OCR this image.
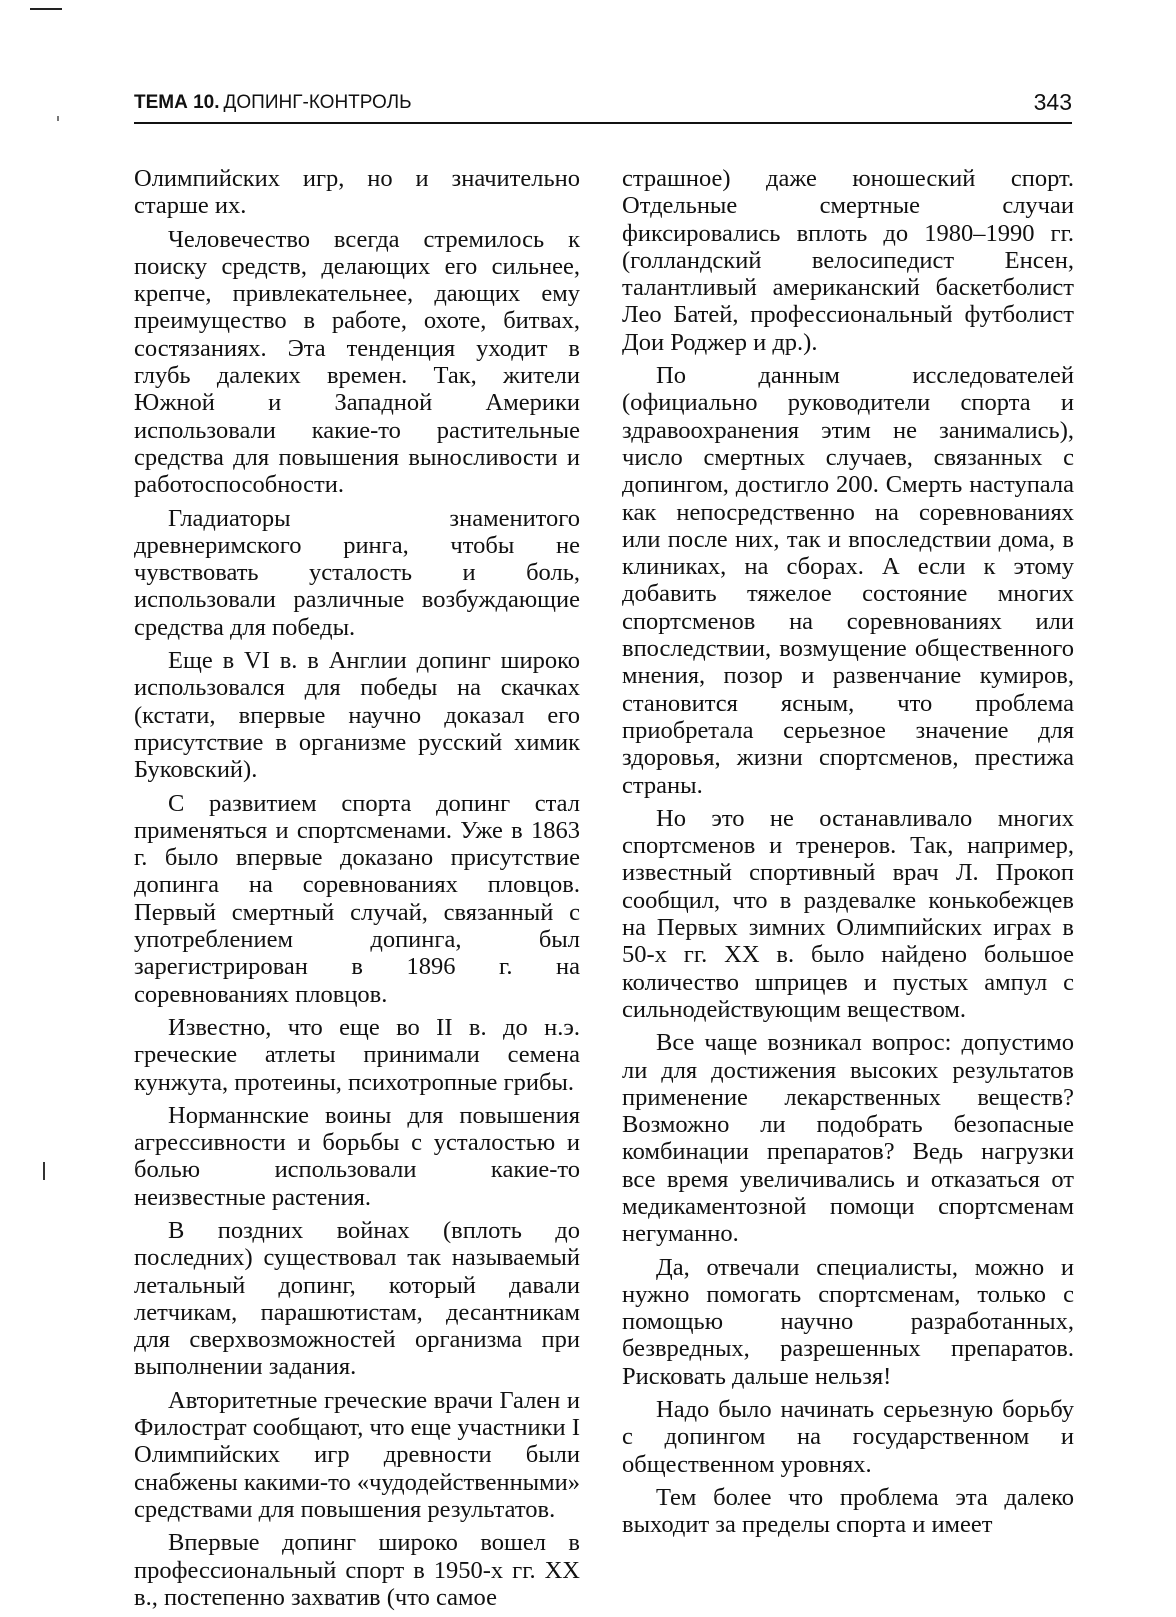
ТЕМА 10. ДОПИНГ-КОНТРОЛЬ	343

Олимпийских игр, но и значительно старше их.

Человечество всегда стремилось к поиску средств, делающих его сильнее, крепче, привлекательнее, дающих ему преимущество в работе, охоте, битвах, состязаниях. Эта тенденция уходит в глубь далеких времен. Так, жители Южной и Западной Америки использовали какие-то растительные средства для повышения выносливости и работоспособности.

Гладиаторы знаменитого древнеримского ринга, чтобы не чувствовать усталость и боль, использовали различные возбуждающие средства для победы.

Еще в VI в. в Англии допинг широко использовался для победы на скачках (кстати, впервые научно доказал его присутствие в организме русский химик Буковский).

С развитием спорта допинг стал применяться и спортсменами. Уже в 1863 г. было впервые доказано присутствие допинга на соревнованиях пловцов. Первый смертный случай, связанный с употреблением допинга, был зарегистрирован в 1896 г. на соревнованиях пловцов.

Известно, что еще во II в. до н.э. греческие атлеты принимали семена кунжута, протеины, психотропные грибы.

Норманнские воины для повышения агрессивности и борьбы с усталостью и болью использовали какие-то неизвестные растения.

В поздних войнах (вплоть до последних) существовал так называемый летальный допинг, который давали летчикам, парашютистам, десантникам для сверхвозможностей организма при выполнении задания.

Авторитетные греческие врачи Гален и Филострат сообщают, что еще участники I Олимпийских игр древности были снабжены какими-то «чудодейственными» средствами для повышения результатов.

Впервые допинг широко вошел в профессиональный спорт в 1950-х гг. XX в., постепенно захватив (что самое

страшное) даже юношеский спорт. Отдельные смертные случаи фиксировались вплоть до 1980–1990 гг. (голландский велосипедист Енсен, талантливый американский баскетболист Лео Батей, профессиональный футболист Дои Роджер и др.).

По данным исследователей (официально руководители спорта и здравоохранения этим не занимались), число смертных случаев, связанных с допингом, достигло 200. Смерть наступала как непосредственно на соревнованиях или после них, так и впоследствии дома, в клиниках, на сборах. А если к этому добавить тяжелое состояние многих спортсменов на соревнованиях или впоследствии, возмущение общественного мнения, позор и развенчание кумиров, становится ясным, что проблема приобретала серьезное значение для здоровья, жизни спортсменов, престижа страны.

Но это не останавливало многих спортсменов и тренеров. Так, например, известный спортивный врач Л. Прокоп сообщил, что в раздевалке конькобежцев на Первых зимних Олимпийских играх в 50-х гг. XX в. было найдено большое количество шприцев и пустых ампул с сильнодействующим веществом.

Все чаще возникал вопрос: допустимо ли для достижения высоких результатов применение лекарственных веществ? Возможно ли подобрать безопасные комбинации препаратов? Ведь нагрузки все время увеличивались и отказаться от медикаментозной помощи спортсменам негуманно.

Да, отвечали специалисты, можно и нужно помогать спортсменам, только с помощью научно разработанных, безвредных, разрешенных препаратов. Рисковать дальше нельзя!

Надо было начинать серьезную борьбу с допингом на государственном и общественном уровнях.

Тем более что проблема эта далеко выходит за пределы спорта и имеет
